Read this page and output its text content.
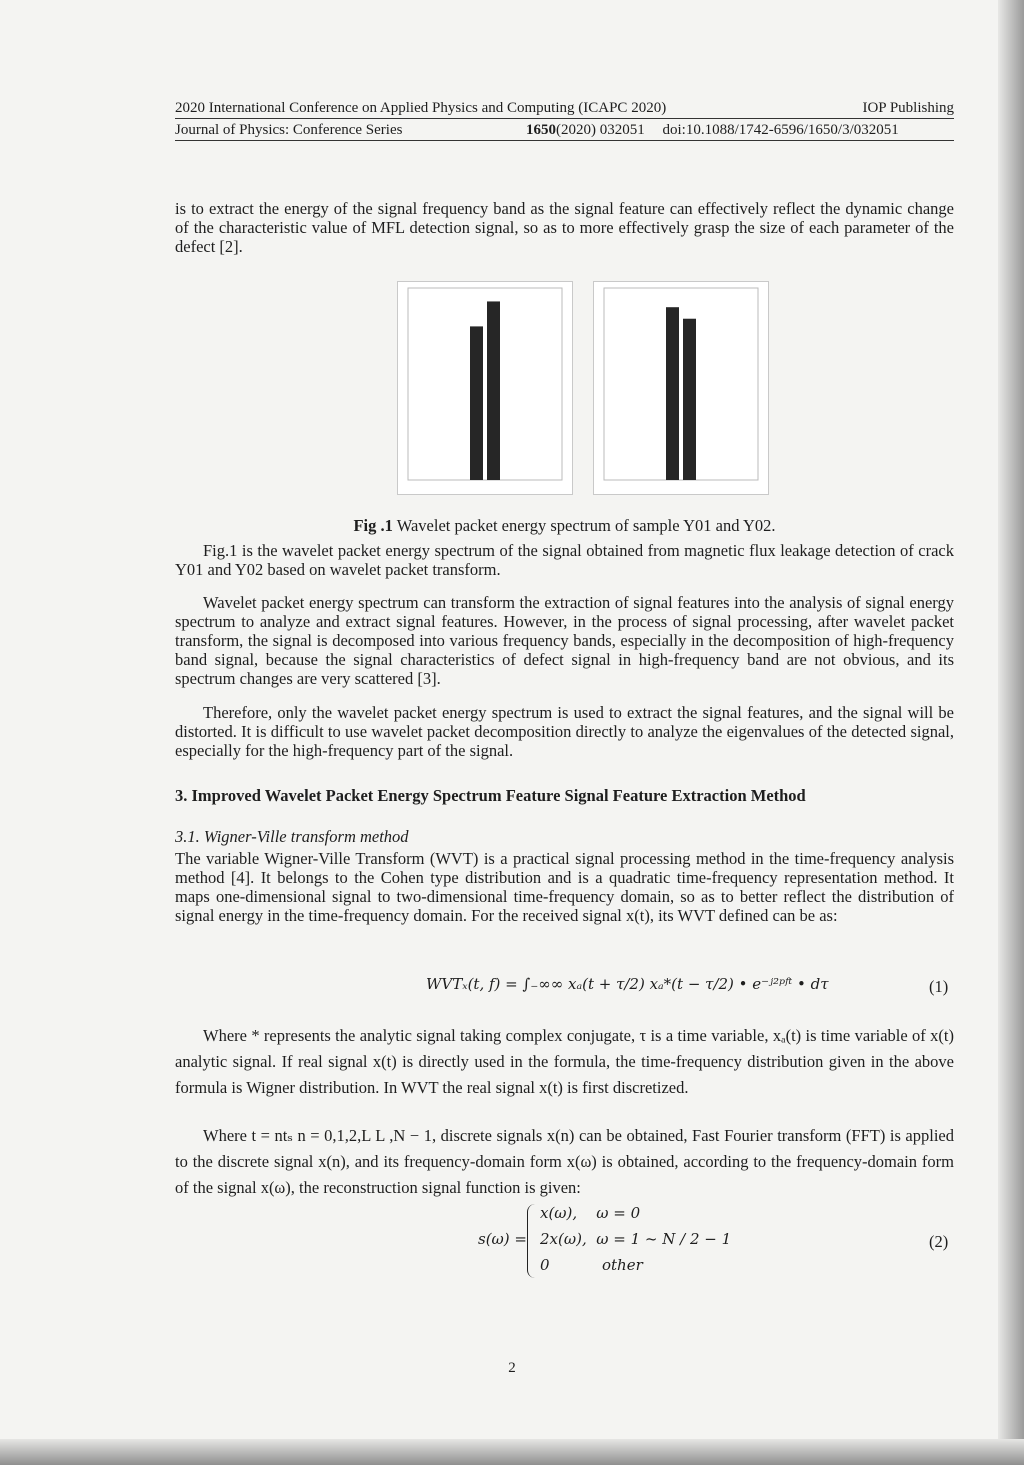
2020 International Conference on Applied Physics and Computing (ICAPC 2020)	IOP Publishing
Journal of Physics: Conference Series	1650(2020) 032051 doi:10.1088/1742-6596/1650/3/032051

is to extract the energy of the signal frequency band as the signal feature can effectively reflect the dynamic change of the characteristic value of MFL detection signal, so as to more effectively grasp the size of each parameter of the defect [2].

Fig .1 Wavelet packet energy spectrum of sample Y01 and Y02.

Fig.1 is the wavelet packet energy spectrum of the signal obtained from magnetic flux leakage detection of crack Y01 and Y02 based on wavelet packet transform.

Wavelet packet energy spectrum can transform the extraction of signal features into the analysis of signal energy spectrum to analyze and extract signal features. However, in the process of signal processing, after wavelet packet transform, the signal is decomposed into various frequency bands, especially in the decomposition of high-frequency band signal, because the signal characteristics of defect signal in high-frequency band are not obvious, and its spectrum changes are very scattered [3].

Therefore, only the wavelet packet energy spectrum is used to extract the signal features, and the signal will be distorted. It is difficult to use wavelet packet decomposition directly to analyze the eigenvalues of the detected signal, especially for the high-frequency part of the signal.

3. Improved Wavelet Packet Energy Spectrum Feature Signal Feature Extraction Method
3.1. Wigner-Ville transform method

The variable Wigner-Ville Transform (WVT) is a practical signal processing method in the time-frequency analysis method [4]. It belongs to the Cohen type distribution and is a quadratic time-frequency representation method. It maps one-dimensional signal to two-dimensional time-frequency domain, so as to better reflect the distribution of signal energy in the time-frequency domain. For the received signal x(t), its WVT defined can be as:

WVTₓ(t, f) = ∫₋∞∞ xₐ(t + τ/2) xₐ*(t − τ/2) • e⁻ʲ²ᵖᶠᵗ • dτ	(1)

Where * represents the analytic signal taking complex conjugate, τ is a time variable, xₐ(t) is time variable of x(t) analytic signal. If real signal x(t) is directly used in the formula, the time-frequency distribution given in the above formula is Wigner distribution. In WVT the real signal x(t) is first discretized.

Where t = ntₛ n = 0,1,2,L L ,N − 1, discrete signals x(n) can be obtained, Fast Fourier transform (FFT) is applied to the discrete signal x(n), and its frequency-domain form x(ω) is obtained, according to the frequency-domain form of the signal x(ω), the reconstruction signal function is given:

s(ω) =
x(ω),    ω = 0
2x(ω),  ω = 1 ~ N / 2 − 1
0           other
(2)
2
